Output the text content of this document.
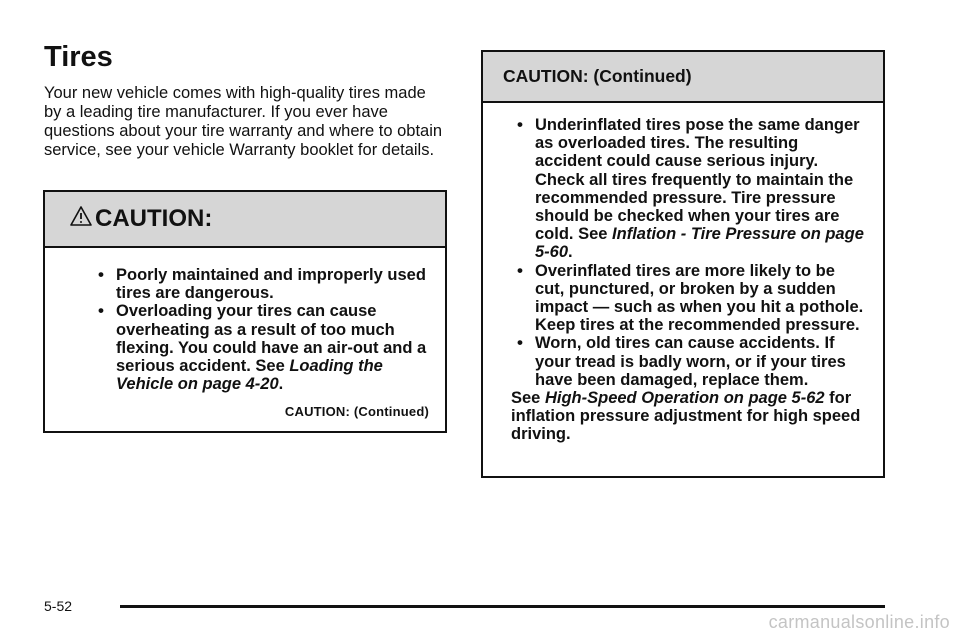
Tires

Your new vehicle comes with high-quality tires made by a leading tire manufacturer. If you ever have questions about your tire warranty and where to obtain service, see your vehicle Warranty booklet for details.

CAUTION:
• Poorly maintained and improperly used tires are dangerous.
• Overloading your tires can cause overheating as a result of too much flexing. You could have an air-out and a serious accident. See Loading the Vehicle on page 4-20.
CAUTION: (Continued)
CAUTION: (Continued)
• Underinflated tires pose the same danger as overloaded tires. The resulting accident could cause serious injury. Check all tires frequently to maintain the recommended pressure. Tire pressure should be checked when your tires are cold. See Inflation - Tire Pressure on page 5-60.
• Overinflated tires are more likely to be cut, punctured, or broken by a sudden impact — such as when you hit a pothole. Keep tires at the recommended pressure.
• Worn, old tires can cause accidents. If your tread is badly worn, or if your tires have been damaged, replace them.

See High-Speed Operation on page 5-62 for inflation pressure adjustment for high speed driving.

5-52
carmanualsonline.info
